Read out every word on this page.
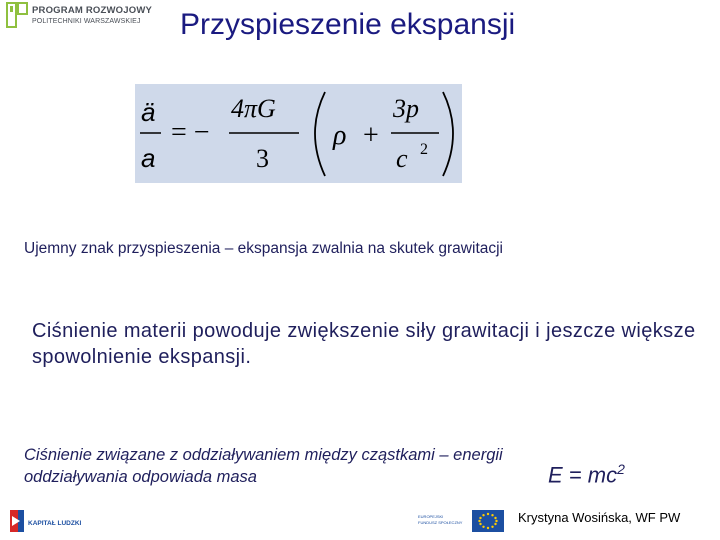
PROGRAM ROZWOJOWY
POLITECHNIKI WARSZAWSKIEJ	Przyspieszenie ekspansji
ä
a
= −
4πG
3
ρ +
3p
c 2
Ujemny znak przyspieszenia – ekspansja zwalnia na skutek grawitacji
Ciśnienie materii powoduje zwiększenie siły grawitacji i jeszcze większe spowolnienie ekspansji.
Ciśnienie związane z oddziaływaniem między cząstkami – energii oddziaływania odpowiada masa	$E = mc^2$
KAPITAŁ LUDZKI
EUROPEJSKI FUNDUSZ SPOŁECZNY	Krystyna Wosińska, WF PW
